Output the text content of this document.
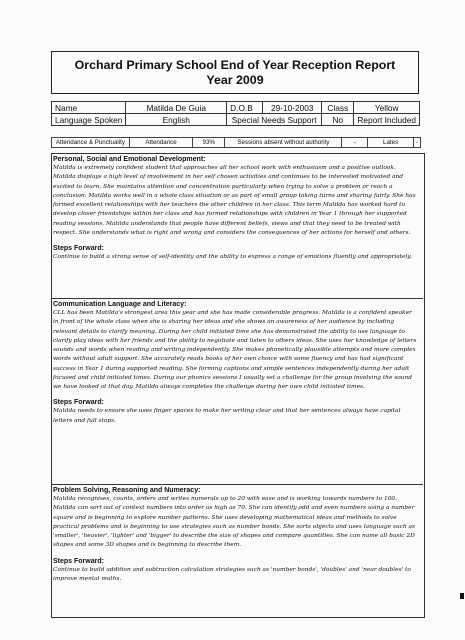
Orchard Primary School End of Year Reception Report
Year 2009
Name	Matilda De Guia	D.O.B	29-10-2003	Class	Yellow
Language Spoken	English	Special Needs Support		No	Report Included
Attendance & Punctuality	Attendance	93%	Sessions absent without authority	-	Lates	-
Personal, Social and Emotional Development:

Matilda is extremely confident student that approaches all her school work with enthusiasm and a positive outlook. Matilda displays a high level of involvement in her self chosen activities and continues to be interested motivated and excited to learn. She maintains attention and concentration particularly when trying to solve a problem or reach a conclusion. Matilda works well in a whole class situation or as part of small group taking turns and sharing fairly. She has formed excellent relationships with her teachers the other children in her class. This term Matilda has worked hard to develop closer friendships within her class and has formed relationships with children in Year 1 through her supported reading sessions. Matilda understands that people have different beliefs, views and that they need to be treated with respect. She understands what is right and wrong and considers the consequences of her actions for herself and others.

Steps Forward:

Continue to build a strong sense of self-identity and the ability to express a range of emotions fluently and appropriately.

Communication Language and Literacy:

CLL has been Matilda's strongest area this year and she has made considerable progress. Matilda is a confident speaker in front of the whole class when she is sharing her ideas and she shows an awareness of her audience by including relevant details to clarify meaning. During her child initiated time she has demonstrated the ability to use language to clarify play ideas with her friends and the ability to negotiate and listen to others ideas. She uses her knowledge of letters sounds and words when reading and writing independently. She makes phonetically plausible attempts and more complex words without adult support. She accurately reads books of her own choice with some fluency and has had significant success in Year 1 during supported reading. She forming captions and simple sentences independently during her adult focused and child initiated times. During our phonics sessions I usually set a challenge for the group involving the sound we have looked at that day. Matilda always completes the challenge during her own child initiated times.

Steps Forward:

Matilda needs to ensure she uses finger spaces to make her writing clear and that her sentences always have capital letters and full stops.

Problem Solving, Reasoning and Numeracy:

Matilda recognises, counts, orders and writes numerals up to 20 with ease and is working towards numbers to 100. Matilda can sort out of context numbers into order as high as 70. She can identify odd and even numbers using a number square and is beginning to explore number patterns. She uses developing mathematical ideas and methods to solve practical problems and is beginning to use strategies such as number bonds. She sorts objects and uses language such as 'smaller', 'heavier', 'lighter' and 'bigger' to describe the size of shapes and compare quantities. She can name all basic 2D shapes and some 3D shapes and is beginning to describe them.

Steps Forward:

Continue to build addition and subtraction calculation strategies such as 'number bonds', 'doubles' and 'near doubles' to improve mental maths.
